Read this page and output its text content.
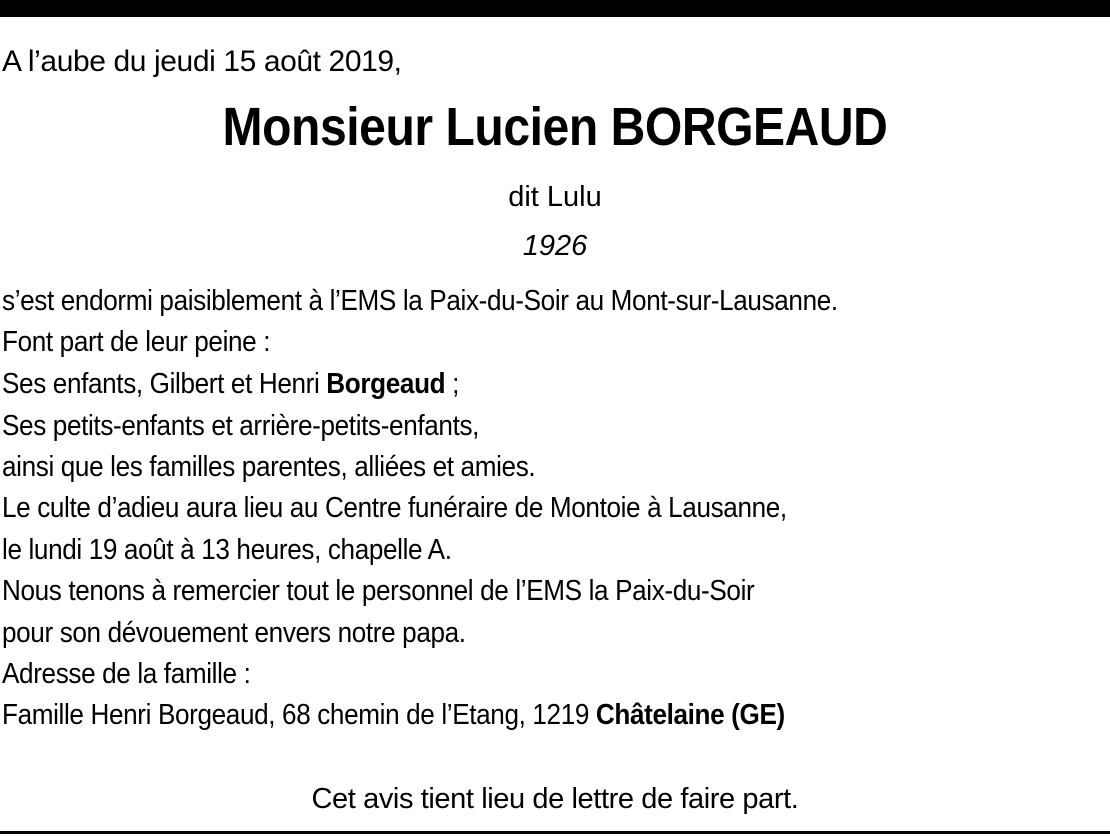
A l’aube du jeudi 15 août 2019,
Monsieur Lucien BORGEAUD
dit Lulu
1926
s’est endormi paisiblement à l’EMS la Paix-du-Soir au Mont-sur-Lausanne.
Font part de leur peine :
Ses enfants, Gilbert et Henri Borgeaud ;
Ses petits-enfants et arrière-petits-enfants,
ainsi que les familles parentes, alliées et amies.
Le culte d’adieu aura lieu au Centre funéraire de Montoie à Lausanne,
le lundi 19 août à 13 heures, chapelle A.
Nous tenons à remercier tout le personnel de l’EMS la Paix-du-Soir
pour son dévouement envers notre papa.
Adresse de la famille :
Famille Henri Borgeaud, 68 chemin de l’Etang, 1219 Châtelaine (GE)
Cet avis tient lieu de lettre de faire part.
